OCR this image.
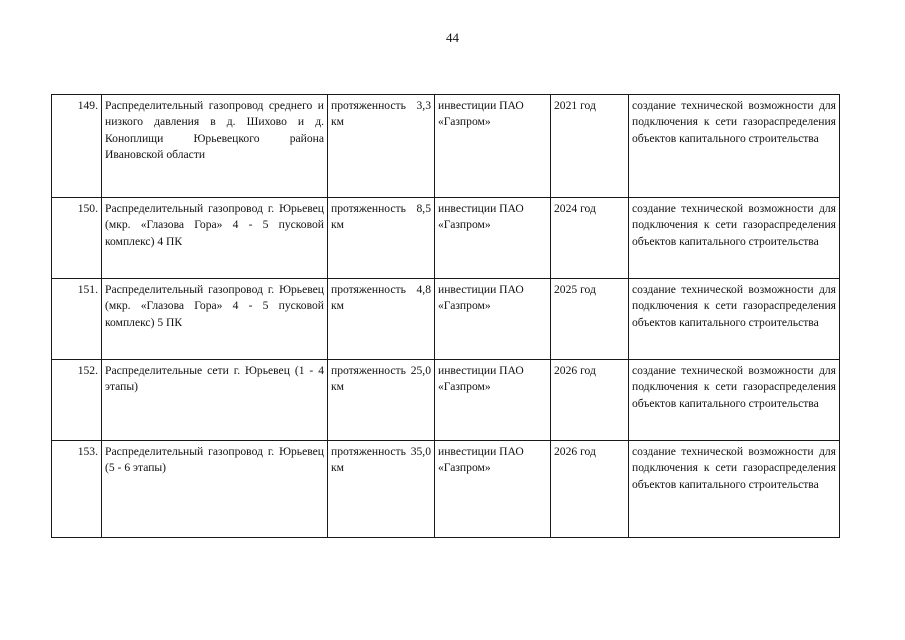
44
149.	Распределительный газопровод среднего и низкого давления в д. Шихово и д. Коноплищи Юрьевецкого района Ивановской области	протяженность 3,3 км	инвестиции ПАО «Газпром»	2021 год	создание технической возможности для подключения к сети газораспределения объектов капитального строительства
150.	Распределительный газопровод г. Юрьевец (мкр. «Глазова Гора» 4 - 5 пусковой комплекс) 4 ПК	протяженность 8,5 км	инвестиции ПАО «Газпром»	2024 год	создание технической возможности для подключения к сети газораспределения объектов капитального строительства
151.	Распределительный газопровод г. Юрьевец (мкр. «Глазова Гора» 4 - 5 пусковой комплекс) 5 ПК	протяженность 4,8 км	инвестиции ПАО «Газпром»	2025 год	создание технической возможности для подключения к сети газораспределения объектов капитального строительства
152.	Распределительные сети г. Юрьевец (1 - 4 этапы)	протяженность 25,0 км	инвестиции ПАО «Газпром»	2026 год	создание технической возможности для подключения к сети газораспределения объектов капитального строительства
153.	Распределительный газопровод г. Юрьевец (5 - 6 этапы)	протяженность 35,0 км	инвестиции ПАО «Газпром»	2026 год	создание технической возможности для подключения к сети газораспределения объектов капитального строительства
